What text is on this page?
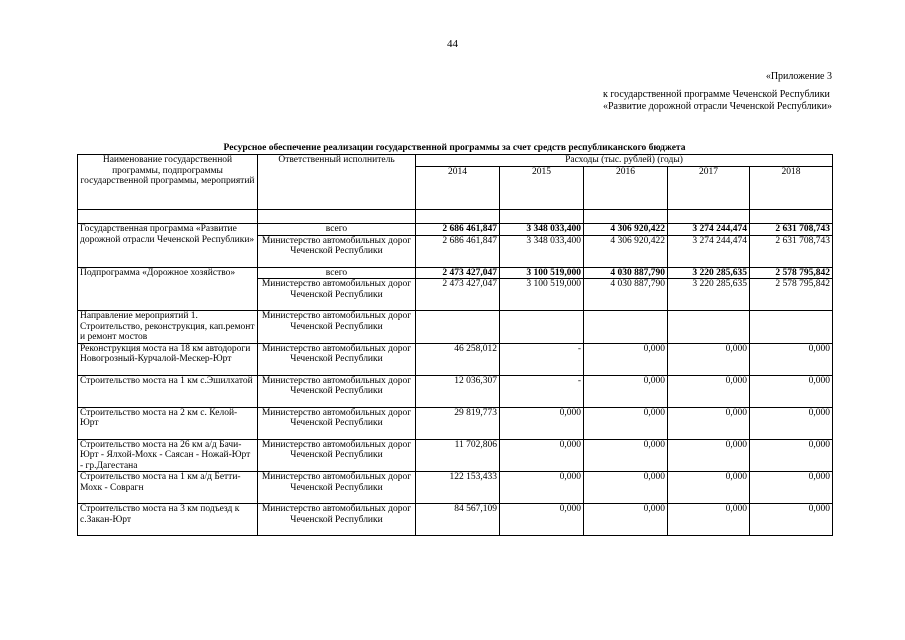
44
«Приложение 3
к государственной программе Чеченской Республики
«Развитие дорожной отрасли Чеченской Республики»
Ресурсное обеспечение реализации государственной программы за счет средств республиканского бюджета
Наименование государственной программы, подпрограммы государственной программы, мероприятий	Ответственный исполнитель	Расходы (тыс. рублей) (годы)				
		2014	2015	2016	2017	2018

Государственная программа «Развитие дорожной отрасли Чеченской Республики»	всего	2 686 461,847	3 348 033,400	4 306 920,422	3 274 244,474	2 631 708,743
	Министерство автомобильных дорог Чеченской Республики	2 686 461,847	3 348 033,400	4 306 920,422	3 274 244,474	2 631 708,743
Подпрограмма «Дорожное хозяйство»	всего	2 473 427,047	3 100 519,000	4 030 887,790	3 220 285,635	2 578 795,842
	Министерство автомобильных дорог Чеченской Республики	2 473 427,047	3 100 519,000	4 030 887,790	3 220 285,635	2 578 795,842
Направление мероприятий 1. Строительство, реконструкция, кап.ремонт и ремонт мостов	Министерство автомобильных дорог Чеченской Республики					
Реконструкция моста на 18 км автодороги Новогрозный-Курчалой-Мескер-Юрт	Министерство автомобильных дорог Чеченской Республики	46 258,012	-	0,000	0,000	0,000
Строительство моста на 1 км с.Эшилхатой	Министерство автомобильных дорог Чеченской Республики	12 036,307	-	0,000	0,000	0,000
Строительство моста на 2 км с. Келой-Юрт	Министерство автомобильных дорог Чеченской Республики	29 819,773	0,000	0,000	0,000	0,000
Строительство моста на 26 км а/д Бачи-Юрт - Ялхой-Мохк - Саясан - Ножай-Юрт - гр.Дагестана	Министерство автомобильных дорог Чеченской Республики	11 702,806	0,000	0,000	0,000	0,000
Строительство моста на 1 км а/д Бетти-Мохк - Соврагн	Министерство автомобильных дорог Чеченской Республики	122 153,433	0,000	0,000	0,000	0,000
Строительство моста на 3 км подъезд к с.Закан-Юрт	Министерство автомобильных дорог Чеченской Республики	84 567,109	0,000	0,000	0,000	0,000
